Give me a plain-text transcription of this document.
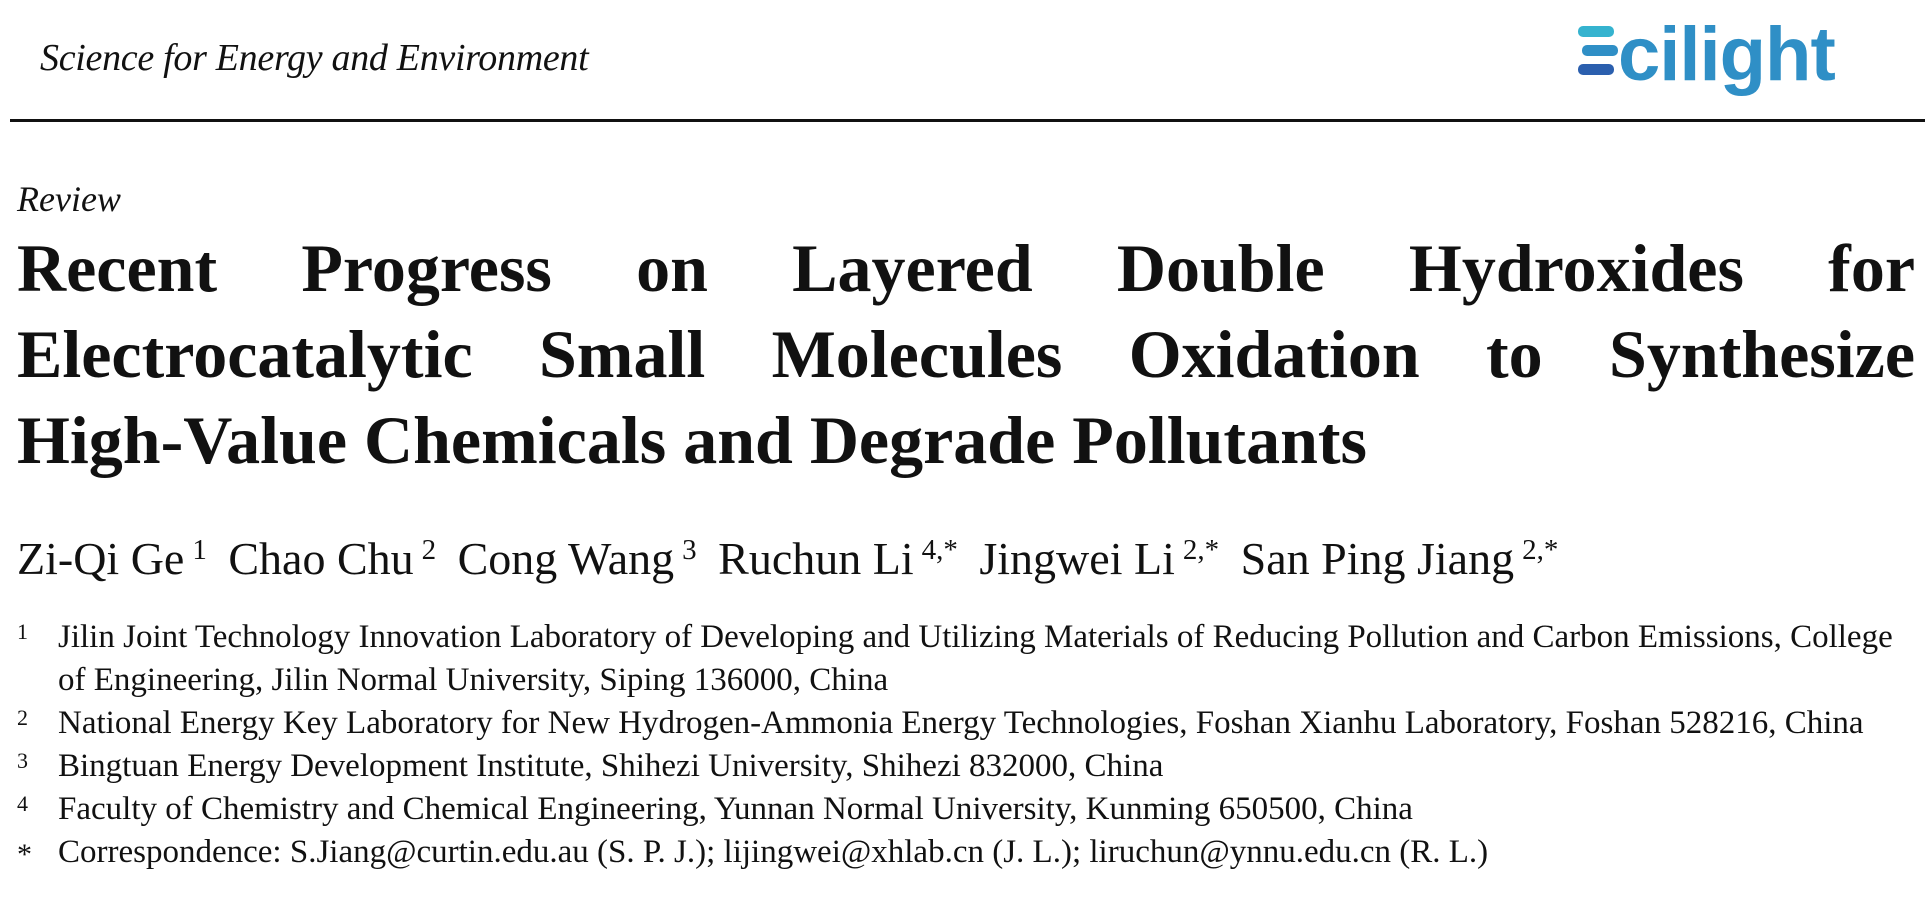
Science for Energy and Environment	cilight
Review
Recent Progress on Layered Double Hydroxides for
Electrocatalytic Small Molecules Oxidation to Synthesize
High-Value Chemicals and Degrade Pollutants
Zi-Qi Ge $^1$ Chao Chu $^2$ Cong Wang $^3$ Ruchun Li $^{4,*}$ Jingwei Li $^{2,*}$ San Ping Jiang $^{2,*}$
1 Jilin Joint Technology Innovation Laboratory of Developing and Utilizing Materials of Reducing Pollution and Carbon Emissions, College of Engineering, Jilin Normal University, Siping 136000, China
2 National Energy Key Laboratory for New Hydrogen-Ammonia Energy Technologies, Foshan Xianhu Laboratory, Foshan 528216, China
3 Bingtuan Energy Development Institute, Shihezi University, Shihezi 832000, China
4 Faculty of Chemistry and Chemical Engineering, Yunnan Normal University, Kunming 650500, China
* Correspondence: S.Jiang@curtin.edu.au (S. P. J.); lijingwei@xhlab.cn (J. L.); liruchun@ynnu.edu.cn (R. L.)
